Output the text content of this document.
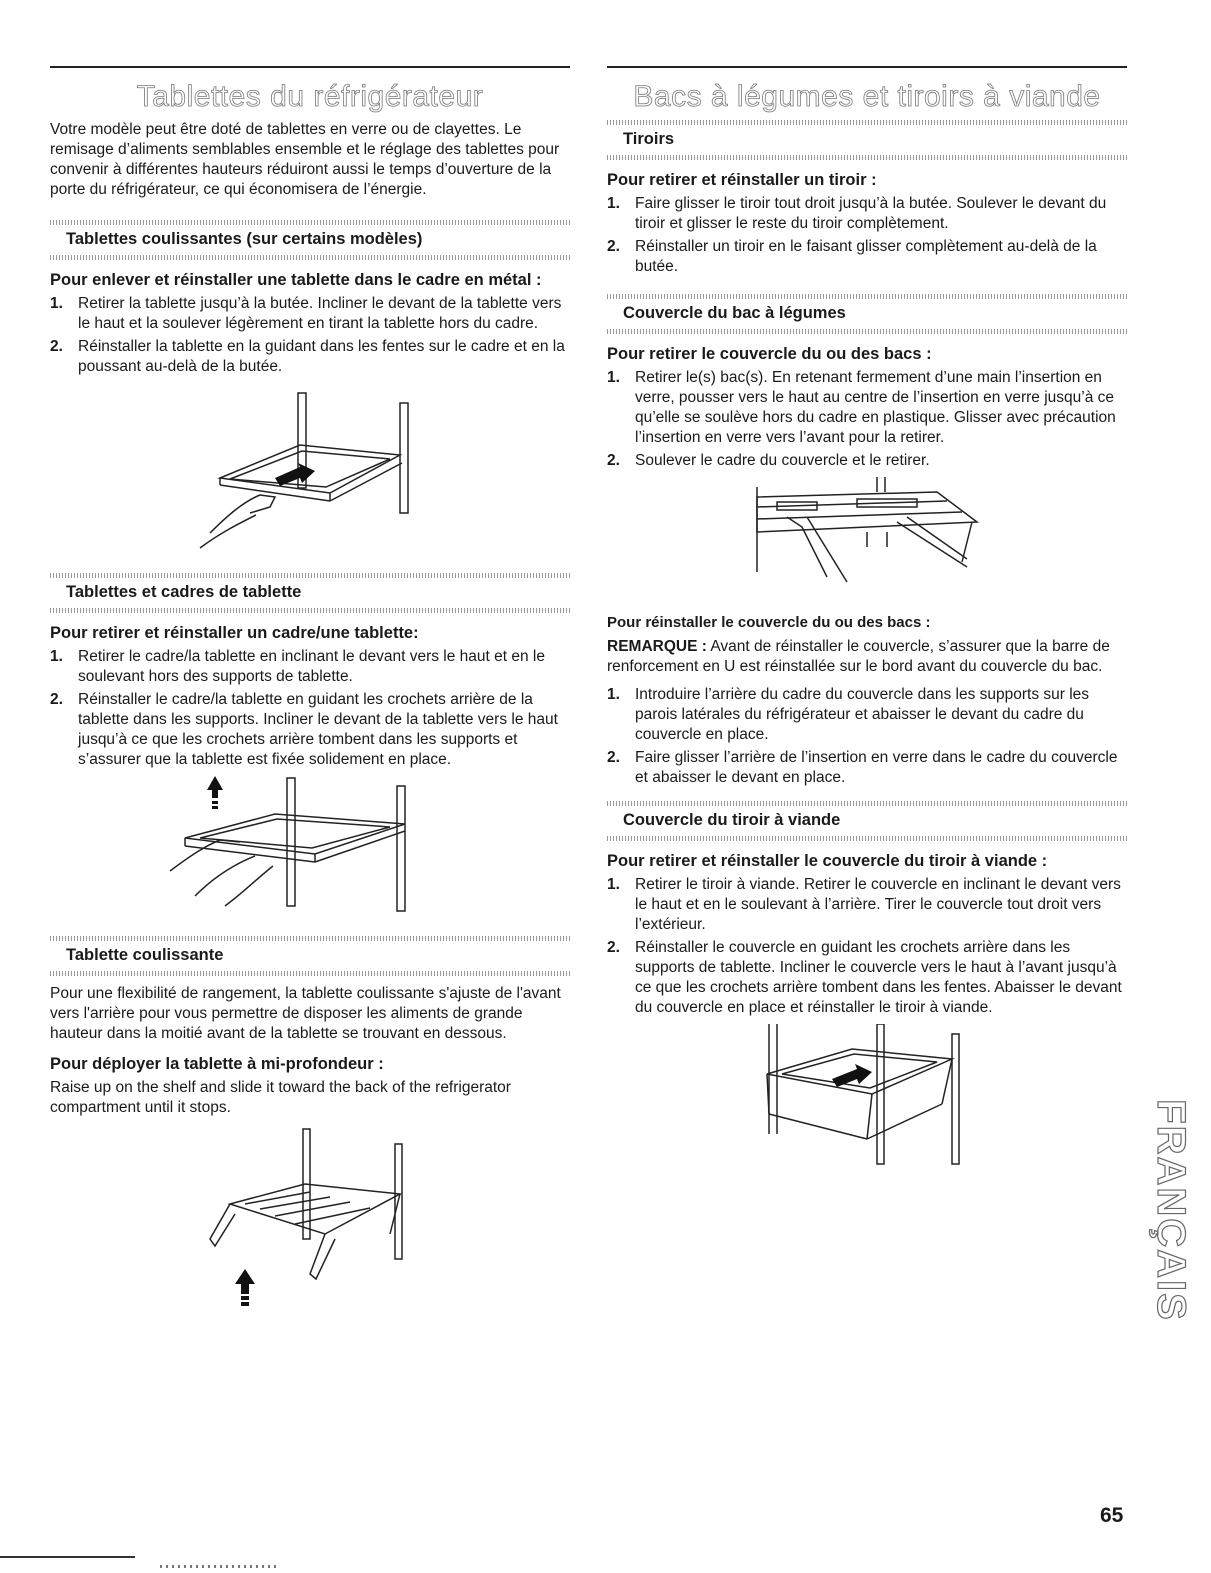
Tablettes du réfrigérateur

Votre modèle peut être doté de tablettes en verre ou de clayettes. Le remisage d’aliments semblables ensemble et le réglage des tablettes pour convenir à différentes hauteurs réduiront aussi le temps d’ouverture de la porte du réfrigérateur, ce qui économisera de l’énergie.

Tablettes coulissantes (sur certains modèles)
Pour enlever et réinstaller une tablette dans le cadre en métal :
1. Retirer la tablette jusqu’à la butée. Incliner le devant de la tablette vers le haut et la soulever légèrement en tirant la tablette hors du cadre.
2. Réinstaller la tablette en la guidant dans les fentes sur le cadre et en la poussant au-delà de la butée.
Tablettes et cadres de tablette
Pour retirer et réinstaller un cadre/une tablette:
1. Retirer le cadre/la tablette en inclinant le devant vers le haut et en le soulevant hors des supports de tablette.
2. Réinstaller le cadre/la tablette en guidant les crochets arrière de la tablette dans les supports. Incliner le devant de la tablette vers le haut jusqu’à ce que les crochets arrière tombent dans les supports et s’assurer que la tablette est fixée solidement en place.
Tablette coulissante

Pour une flexibilité de rangement, la tablette coulissante s'ajuste de l'avant vers l'arrière pour vous permettre de disposer les aliments de grande hauteur dans la moitié avant de la tablette se trouvant en dessous.

Pour déployer la tablette à mi-profondeur :

Raise up on the shelf and slide it toward the back of the refrigerator compartment until it stops.

Bacs à légumes et tiroirs à viande
Tiroirs
Pour retirer et réinstaller un tiroir :
1. Faire glisser le tiroir tout droit jusqu’à la butée. Soulever le devant du tiroir et glisser le reste du tiroir complètement.
2. Réinstaller un tiroir en le faisant glisser complètement au-delà de la butée.
Couvercle du bac à légumes
Pour retirer le couvercle du ou des bacs :
1. Retirer le(s) bac(s). En retenant fermement d’une main l’insertion en verre, pousser vers le haut au centre de l’insertion en verre jusqu’à ce qu’elle se soulève hors du cadre en plastique. Glisser avec précaution l’insertion en verre vers l’avant pour la retirer.
2. Soulever le cadre du couvercle et le retirer.
Pour réinstaller le couvercle du ou des bacs :

REMARQUE : Avant de réinstaller le couvercle, s’assurer que la barre de renforcement en U est réinstallée sur le bord avant du couvercle du bac.

1. Introduire l’arrière du cadre du couvercle dans les supports sur les parois latérales du réfrigérateur et abaisser le devant du cadre du couvercle en place.
2. Faire glisser l’arrière de l’insertion en verre dans le cadre du couvercle et abaisser le devant en place.
Couvercle du tiroir à viande
Pour retirer et réinstaller le couvercle du tiroir à viande :
1. Retirer le tiroir à viande. Retirer le couvercle en inclinant le devant vers le haut et en le soulevant à l’arrière. Tirer le couvercle tout droit vers l’extérieur.
2. Réinstaller le couvercle en guidant les crochets arrière dans les supports de tablette. Incliner le couvercle vers le haut à l’avant jusqu’à ce que les crochets arrière tombent dans les fentes. Abaisser le devant du couvercle en place et réinstaller le tiroir à viande.
FRANÇAIS
65
